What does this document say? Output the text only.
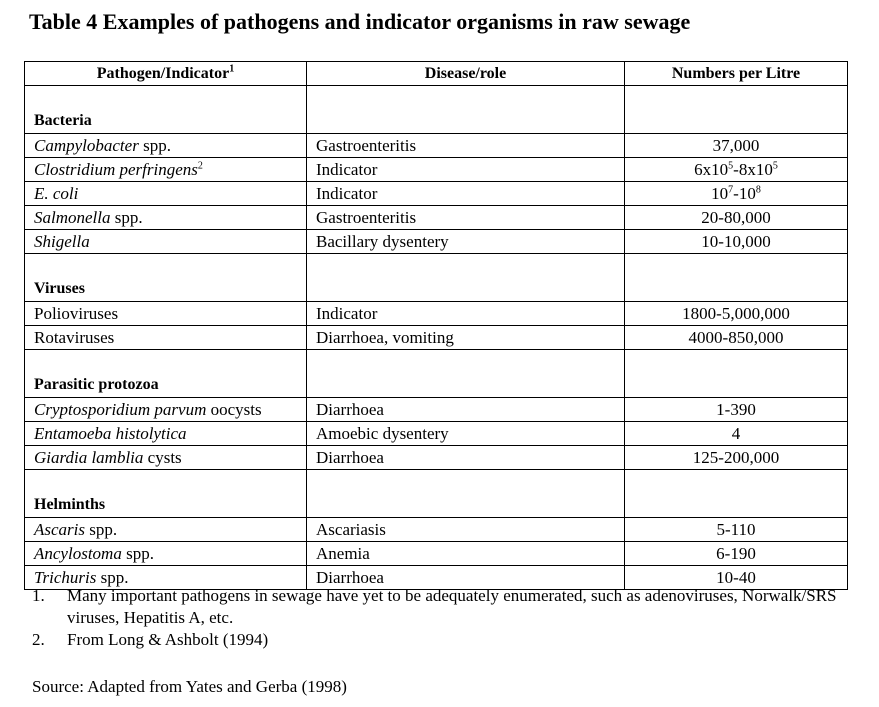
Table 4 Examples of pathogens and indicator organisms in raw sewage
Pathogen/Indicator$^1$	Disease/role	Numbers per Litre
Bacteria		
Campylobacter spp.	Gastroenteritis	37,000
Clostridium perfringens$^2$	Indicator	$6x10^5-8x10^5$
E. coli	Indicator	$10^7-10^8$
Salmonella spp.	Gastroenteritis	20-80,000
Shigella	Bacillary dysentery	10-10,000
Viruses		
Polioviruses	Indicator	1800-5,000,000
Rotaviruses	Diarrhoea, vomiting	4000-850,000
Parasitic protozoa		
Cryptosporidium parvum oocysts	Diarrhoea	1-390
Entamoeba histolytica	Amoebic dysentery	4
Giardia lamblia cysts	Diarrhoea	125-200,000
Helminths		
Ascaris spp.	Ascariasis	5-110
Ancylostoma spp.	Anemia	6-190
Trichuris spp.	Diarrhoea	10-40
1.	Many important pathogens in sewage have yet to be adequately enumerated, such as adenoviruses, Norwalk/SRS viruses, Hepatitis A, etc.
2.	From Long & Ashbolt (1994)
Source: Adapted from Yates and Gerba (1998)
